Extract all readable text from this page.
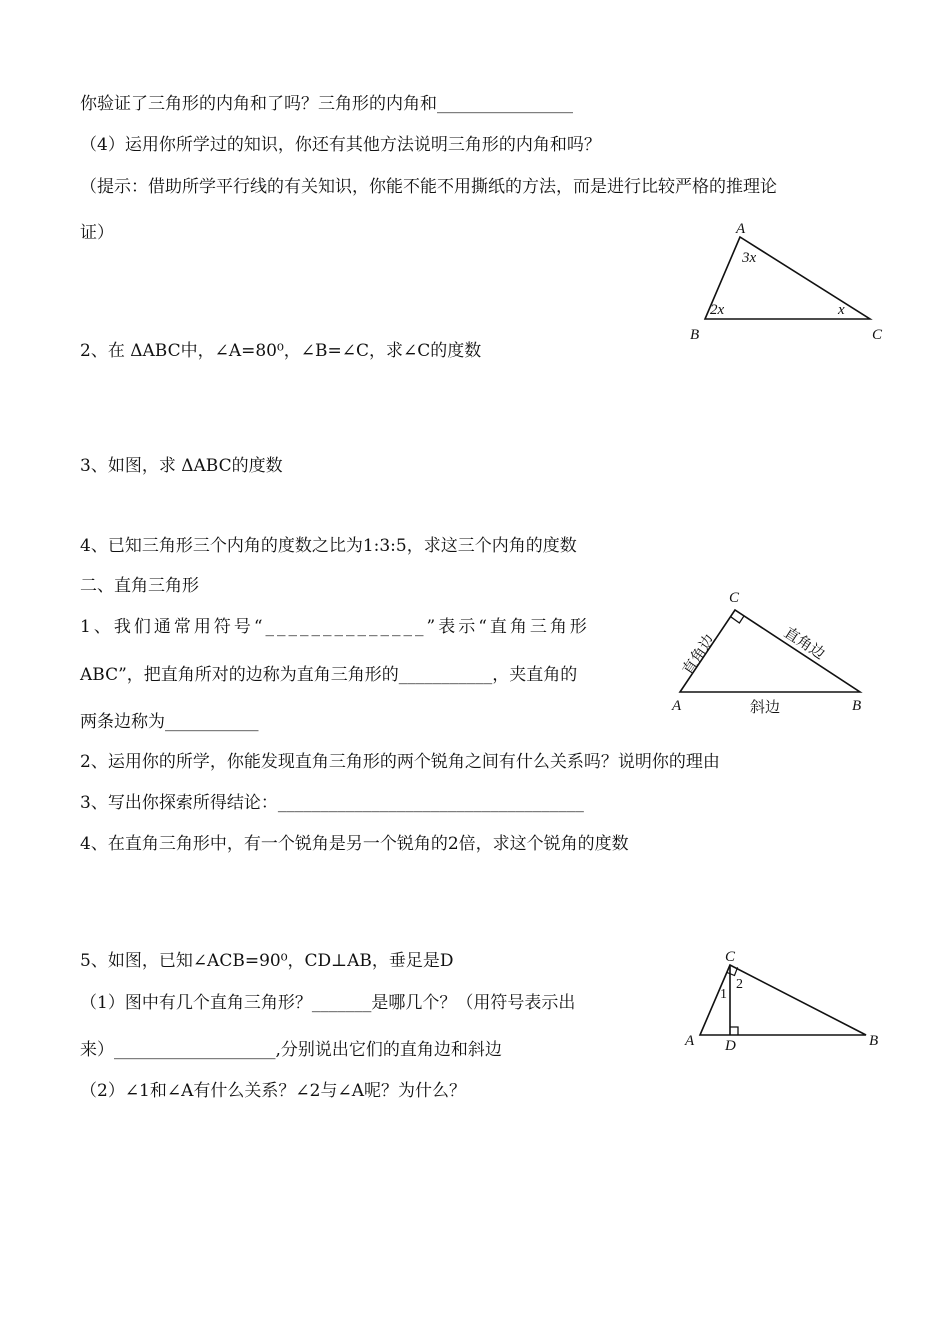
你验证了三角形的内角和了吗？三角形的内角和________________
（4）运用你所学过的知识，你还有其他方法说明三角形的内角和吗？
（提示：借助所学平行线的有关知识，你能不能不用撕纸的方法，而是进行比较严格的推理论
证）
2、在 ΔABC中，∠A=80⁰，∠B=∠C，求∠C的度数
3、如图，求 ΔABC的度数
4、已知三角形三个内角的度数之比为1:3:5，求这三个内角的度数
二、直角三角形
1、我们通常用符号“______________”表示“直角三角形
ABC”，把直角所对的边称为直角三角形的___________，夹直角的
两条边称为___________
2、运用你的所学，你能发现直角三角形的两个锐角之间有什么关系吗？说明你的理由
3、写出你探索所得结论：____________________________________
4、在直角三角形中，有一个锐角是另一个锐角的2倍，求这个锐角的度数
5、如图，已知∠ACB=90⁰，CD⊥AB，垂足是D
（1）图中有几个直角三角形？_______是哪几个？（用符号表示出
来）___________________,分别说出它们的直角边和斜边
（2）∠1和∠A有什么关系？∠2与∠A呢？为什么？
A
B	C
3x
2x	x
C
A	B
直角边	直角边
斜边
C
A D	B
1
2
